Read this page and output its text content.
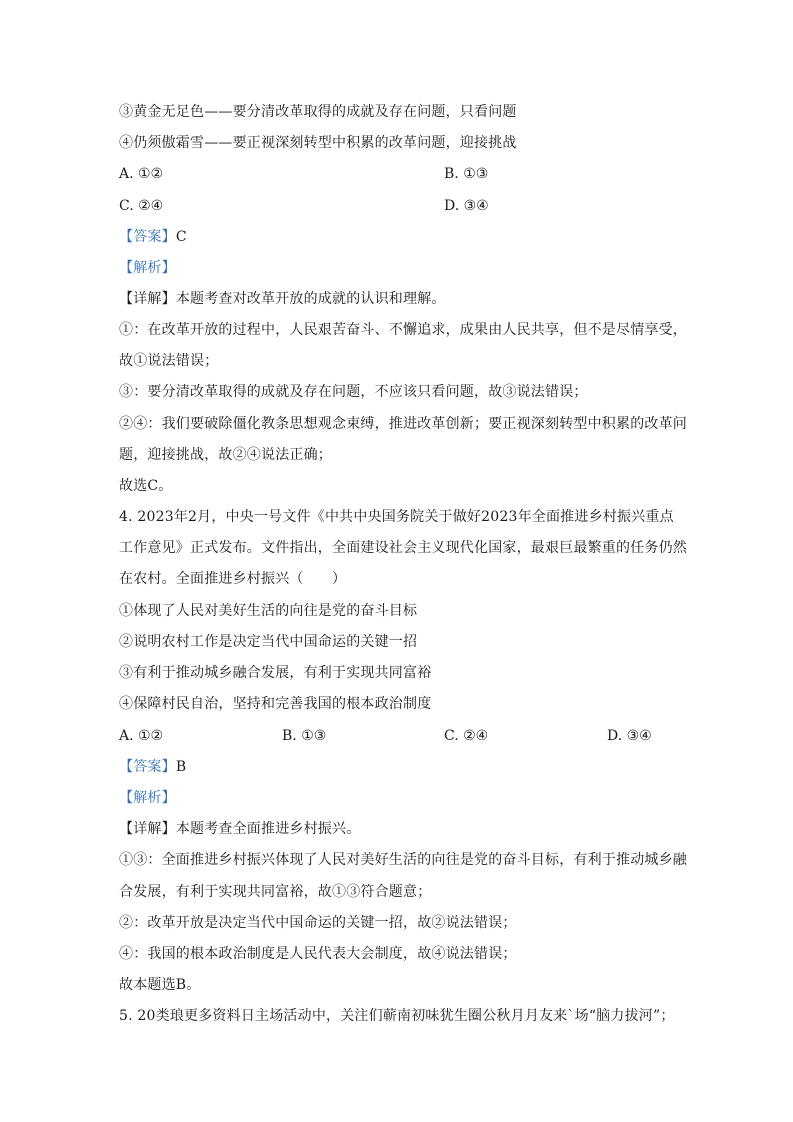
③黄金无足色——要分清改革取得的成就及存在问题，只看问题
④仍须傲霜雪——要正视深刻转型中积累的改革问题，迎接挑战
A. ①②	B. ①③
C. ②④	D. ③④
【答案】C
【解析】
【详解】本题考查对改革开放的成就的认识和理解。
①：在改革开放的过程中，人民艰苦奋斗、不懈追求，成果由人民共享，但不是尽情享受，
故①说法错误；
③：要分清改革取得的成就及存在问题，不应该只看问题，故③说法错误；
②④：我们要破除僵化教条思想观念束缚，推进改革创新；要正视深刻转型中积累的改革问
题，迎接挑战，故②④说法正确；
故选C。
4. 2023年2月，中央一号文件《中共中央国务院关于做好2023年全面推进乡村振兴重点
工作意见》正式发布。文件指出，全面建设社会主义现代化国家，最艰巨最繁重的任务仍然
在农村。全面推进乡村振兴（　　）
①体现了人民对美好生活的向往是党的奋斗目标
②说明农村工作是决定当代中国命运的关键一招
③有利于推动城乡融合发展，有利于实现共同富裕
④保障村民自治，坚持和完善我国的根本政治制度
A. ①②	B. ①③	C. ②④	D. ③④
【答案】B
【解析】
【详解】本题考查全面推进乡村振兴。
①③：全面推进乡村振兴体现了人民对美好生活的向往是党的奋斗目标，有利于推动城乡融
合发展，有利于实现共同富裕，故①③符合题意；
②：改革开放是决定当代中国命运的关键一招，故②说法错误；
④：我国的根本政治制度是人民代表大会制度，故④说法错误；
故本题选B。
5. 20类琅更多资料日主场活动中，关注们蕲南初味犹生圈公秋月月友来`场“脑力拔河”；
